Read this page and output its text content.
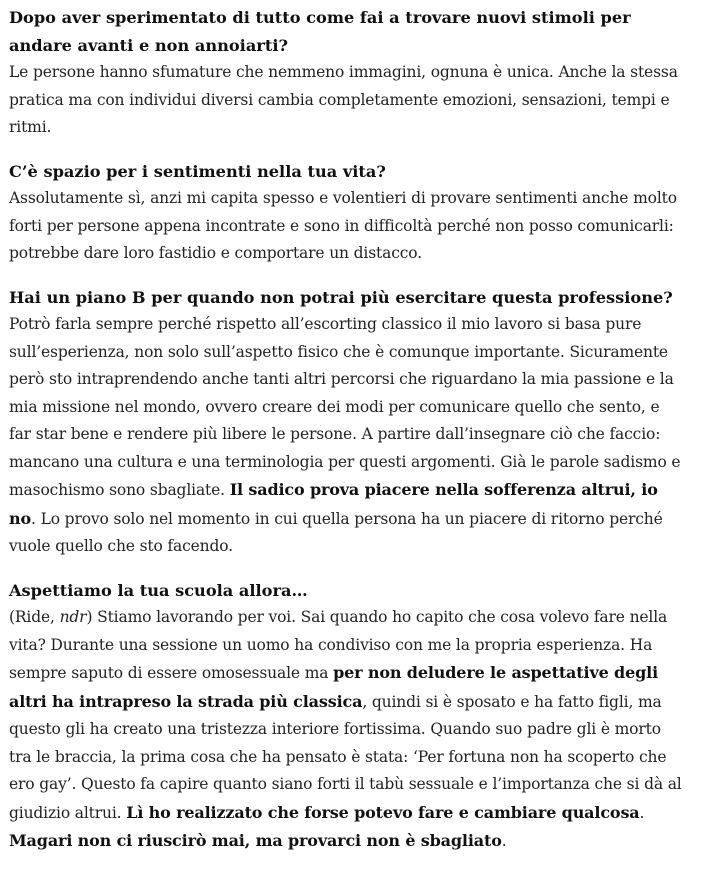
Dopo aver sperimentato di tutto come fai a trovare nuovi stimoli per andare avanti e non annoiarti?

Le persone hanno sfumature che nemmeno immagini, ognuna è unica. Anche la stessa pratica ma con individui diversi cambia completamente emozioni, sensazioni, tempi e ritmi.

C’è spazio per i sentimenti nella tua vita?

Assolutamente sì, anzi mi capita spesso e volentieri di provare sentimenti anche molto forti per persone appena incontrate e sono in difficoltà perché non posso comunicarli: potrebbe dare loro fastidio e comportare un distacco.

Hai un piano B per quando non potrai più esercitare questa professione?

Potrò farla sempre perché rispetto all’escorting classico il mio lavoro si basa pure sull’esperienza, non solo sull’aspetto fisico che è comunque importante. Sicuramente però sto intraprendendo anche tanti altri percorsi che riguardano la mia passione e la mia missione nel mondo, ovvero creare dei modi per comunicare quello che sento, e far star bene e rendere più libere le persone. A partire dall’insegnare ciò che faccio: mancano una cultura e una terminologia per questi argomenti. Già le parole sadismo e masochismo sono sbagliate. Il sadico prova piacere nella sofferenza altrui, io no. Lo provo solo nel momento in cui quella persona ha un piacere di ritorno perché vuole quello che sto facendo.

Aspettiamo la tua scuola allora…

(Ride, ndr) Stiamo lavorando per voi. Sai quando ho capito che cosa volevo fare nella vita? Durante una sessione un uomo ha condiviso con me la propria esperienza. Ha sempre saputo di essere omosessuale ma per non deludere le aspettative degli altri ha intrapreso la strada più classica, quindi si è sposato e ha fatto figli, ma questo gli ha creato una tristezza interiore fortissima. Quando suo padre gli è morto tra le braccia, la prima cosa che ha pensato è stata: ‘Per fortuna non ha scoperto che ero gay’. Questo fa capire quanto siano forti il tabù sessuale e l’importanza che si dà al giudizio altrui. Lì ho realizzato che forse potevo fare e cambiare qualcosa. Magari non ci riuscirò mai, ma provarci non è sbagliato.
